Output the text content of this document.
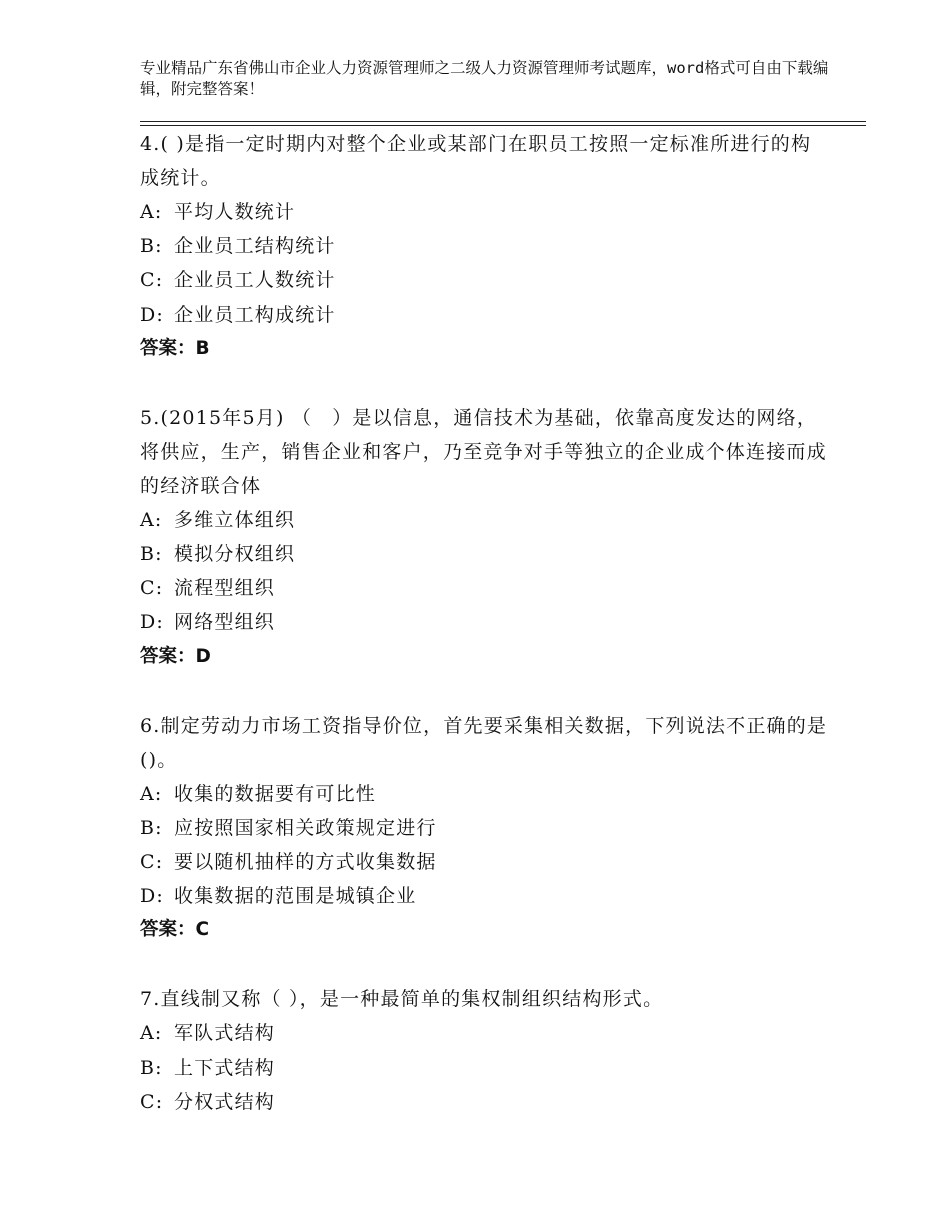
专业精品广东省佛山市企业人力资源管理师之二级人力资源管理师考试题库，word格式可自由下载编辑，附完整答案！
4.( )是指一定时期内对整个企业或某部门在职员工按照一定标准所进行的构成统计。
A: 平均人数统计
B: 企业员工结构统计
C: 企业员工人数统计
D: 企业员工构成统计
答案：B
5.(2015年5月) （　）是以信息，通信技术为基础，依靠高度发达的网络，将供应，生产，销售企业和客户，乃至竞争对手等独立的企业成个体连接而成的经济联合体
A: 多维立体组织
B: 模拟分权组织
C: 流程型组织
D: 网络型组织
答案：D
6.制定劳动力市场工资指导价位，首先要采集相关数据，下列说法不正确的是()。
A: 收集的数据要有可比性
B: 应按照国家相关政策规定进行
C: 要以随机抽样的方式收集数据
D: 收集数据的范围是城镇企业
答案：C
7.直线制又称（ ），是一种最简单的集权制组织结构形式。
A: 军队式结构
B: 上下式结构
C: 分权式结构
